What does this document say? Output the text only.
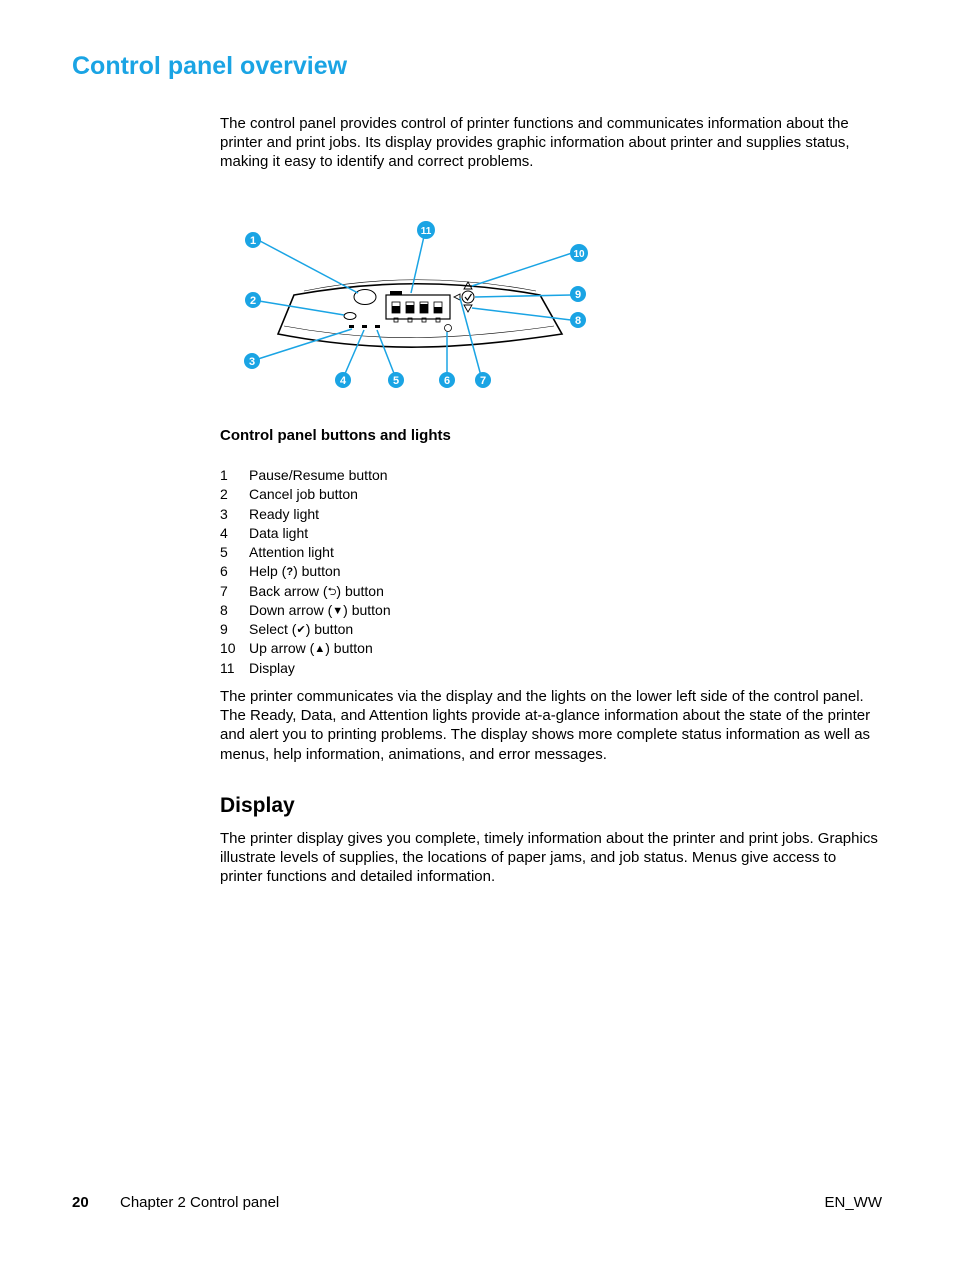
Control panel overview

The control panel provides control of printer functions and communicates information about the printer and print jobs. Its display provides graphic information about printer and supplies status, making it easy to identify and correct problems.

1
2
3
4	5	6	7
8
9
10
11

Control panel buttons and lights

1 Pause/Resume button
2 Cancel job button
3 Ready light
4 Data light
5 Attention light
6 Help (?) button
7 Back arrow (⮌) button
8 Down arrow (▼) button
9 Select (✔) button
10 Up arrow (▲) button
11 Display

The printer communicates via the display and the lights on the lower left side of the control panel. The Ready, Data, and Attention lights provide at-a-glance information about the state of the printer and alert you to printing problems. The display shows more complete status information as well as menus, help information, animations, and error messages.

Display

The printer display gives you complete, timely information about the printer and print jobs. Graphics illustrate levels of supplies, the locations of paper jams, and job status. Menus give access to printer functions and detailed information.

20 Chapter 2 Control panel	EN_WW
